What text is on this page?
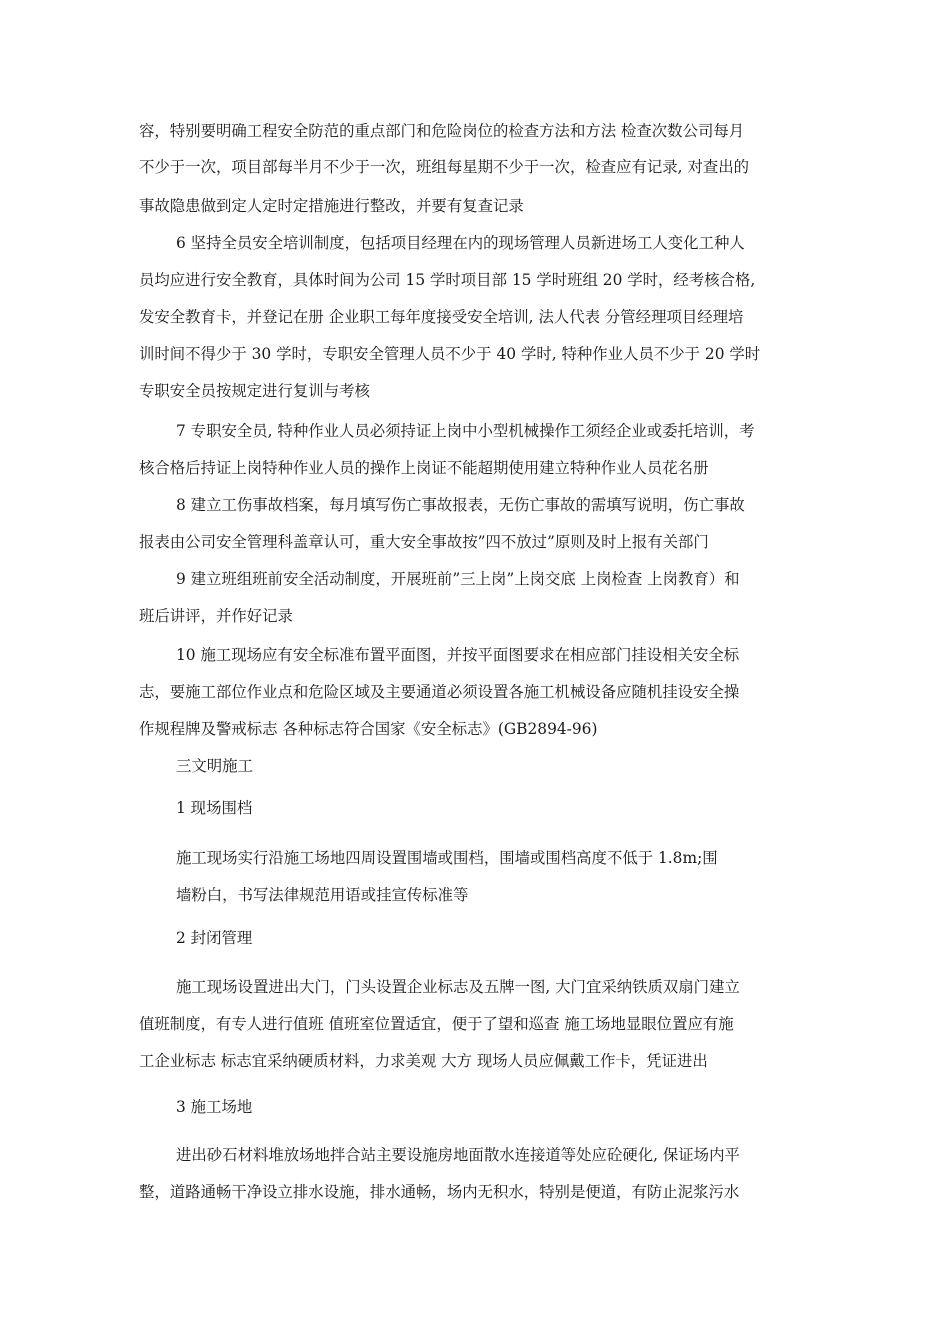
容，特别要明确工程安全防范的重点部门和危险岗位的检查方法和方法 检查次数公司每月
不少于一次，项目部每半月不少于一次，班组每星期不少于一次，检查应有记录, 对查出的
事故隐患做到定人定时定措施进行整改，并要有复查记录
6 坚持全员安全培训制度，包括项目经理在内的现场管理人员新进场工人变化工种人
员均应进行安全教育，具体时间为公司 15 学时项目部 15 学时班组 20 学时，经考核合格,
发安全教育卡，并登记在册 企业职工每年度接受安全培训, 法人代表 分管经理项目经理培
训时间不得少于 30 学时，专职安全管理人员不少于 40 学时, 特种作业人员不少于 20 学时
专职安全员按规定进行复训与考核
7 专职安全员, 特种作业人员必须持证上岗中小型机械操作工须经企业或委托培训，考
核合格后持证上岗特种作业人员的操作上岗证不能超期使用建立特种作业人员花名册
8 建立工伤事故档案，每月填写伤亡事故报表，无伤亡事故的需填写说明，伤亡事故
报表由公司安全管理科盖章认可，重大安全事故按”四不放过”原则及时上报有关部门
9 建立班组班前安全活动制度，开展班前”三上岗”上岗交底 上岗检查 上岗教育）和
班后讲评，并作好记录
10 施工现场应有安全标准布置平面图，并按平面图要求在相应部门挂设相关安全标
志，要施工部位作业点和危险区域及主要通道必须设置各施工机械设备应随机挂设安全操
作规程牌及警戒标志 各种标志符合国家《安全标志》(GB2894-96)
三文明施工
1 现场围档
施工现场实行沿施工场地四周设置围墙或围档，围墙或围档高度不低于 1.8m;围
墙粉白，书写法律规范用语或挂宣传标准等
2 封闭管理
施工现场设置进出大门，门头设置企业标志及五牌一图, 大门宜采纳铁质双扇门建立
值班制度，有专人进行值班 值班室位置适宜，便于了望和巡查 施工场地显眼位置应有施
工企业标志 标志宜采纳硬质材料，力求美观 大方 现场人员应佩戴工作卡，凭证进出
3 施工场地
进出砂石材料堆放场地拌合站主要设施房地面散水连接道等处应砼硬化, 保证场内平
整，道路通畅干净设立排水设施，排水通畅，场内无积水，特别是便道，有防止泥浆污水
